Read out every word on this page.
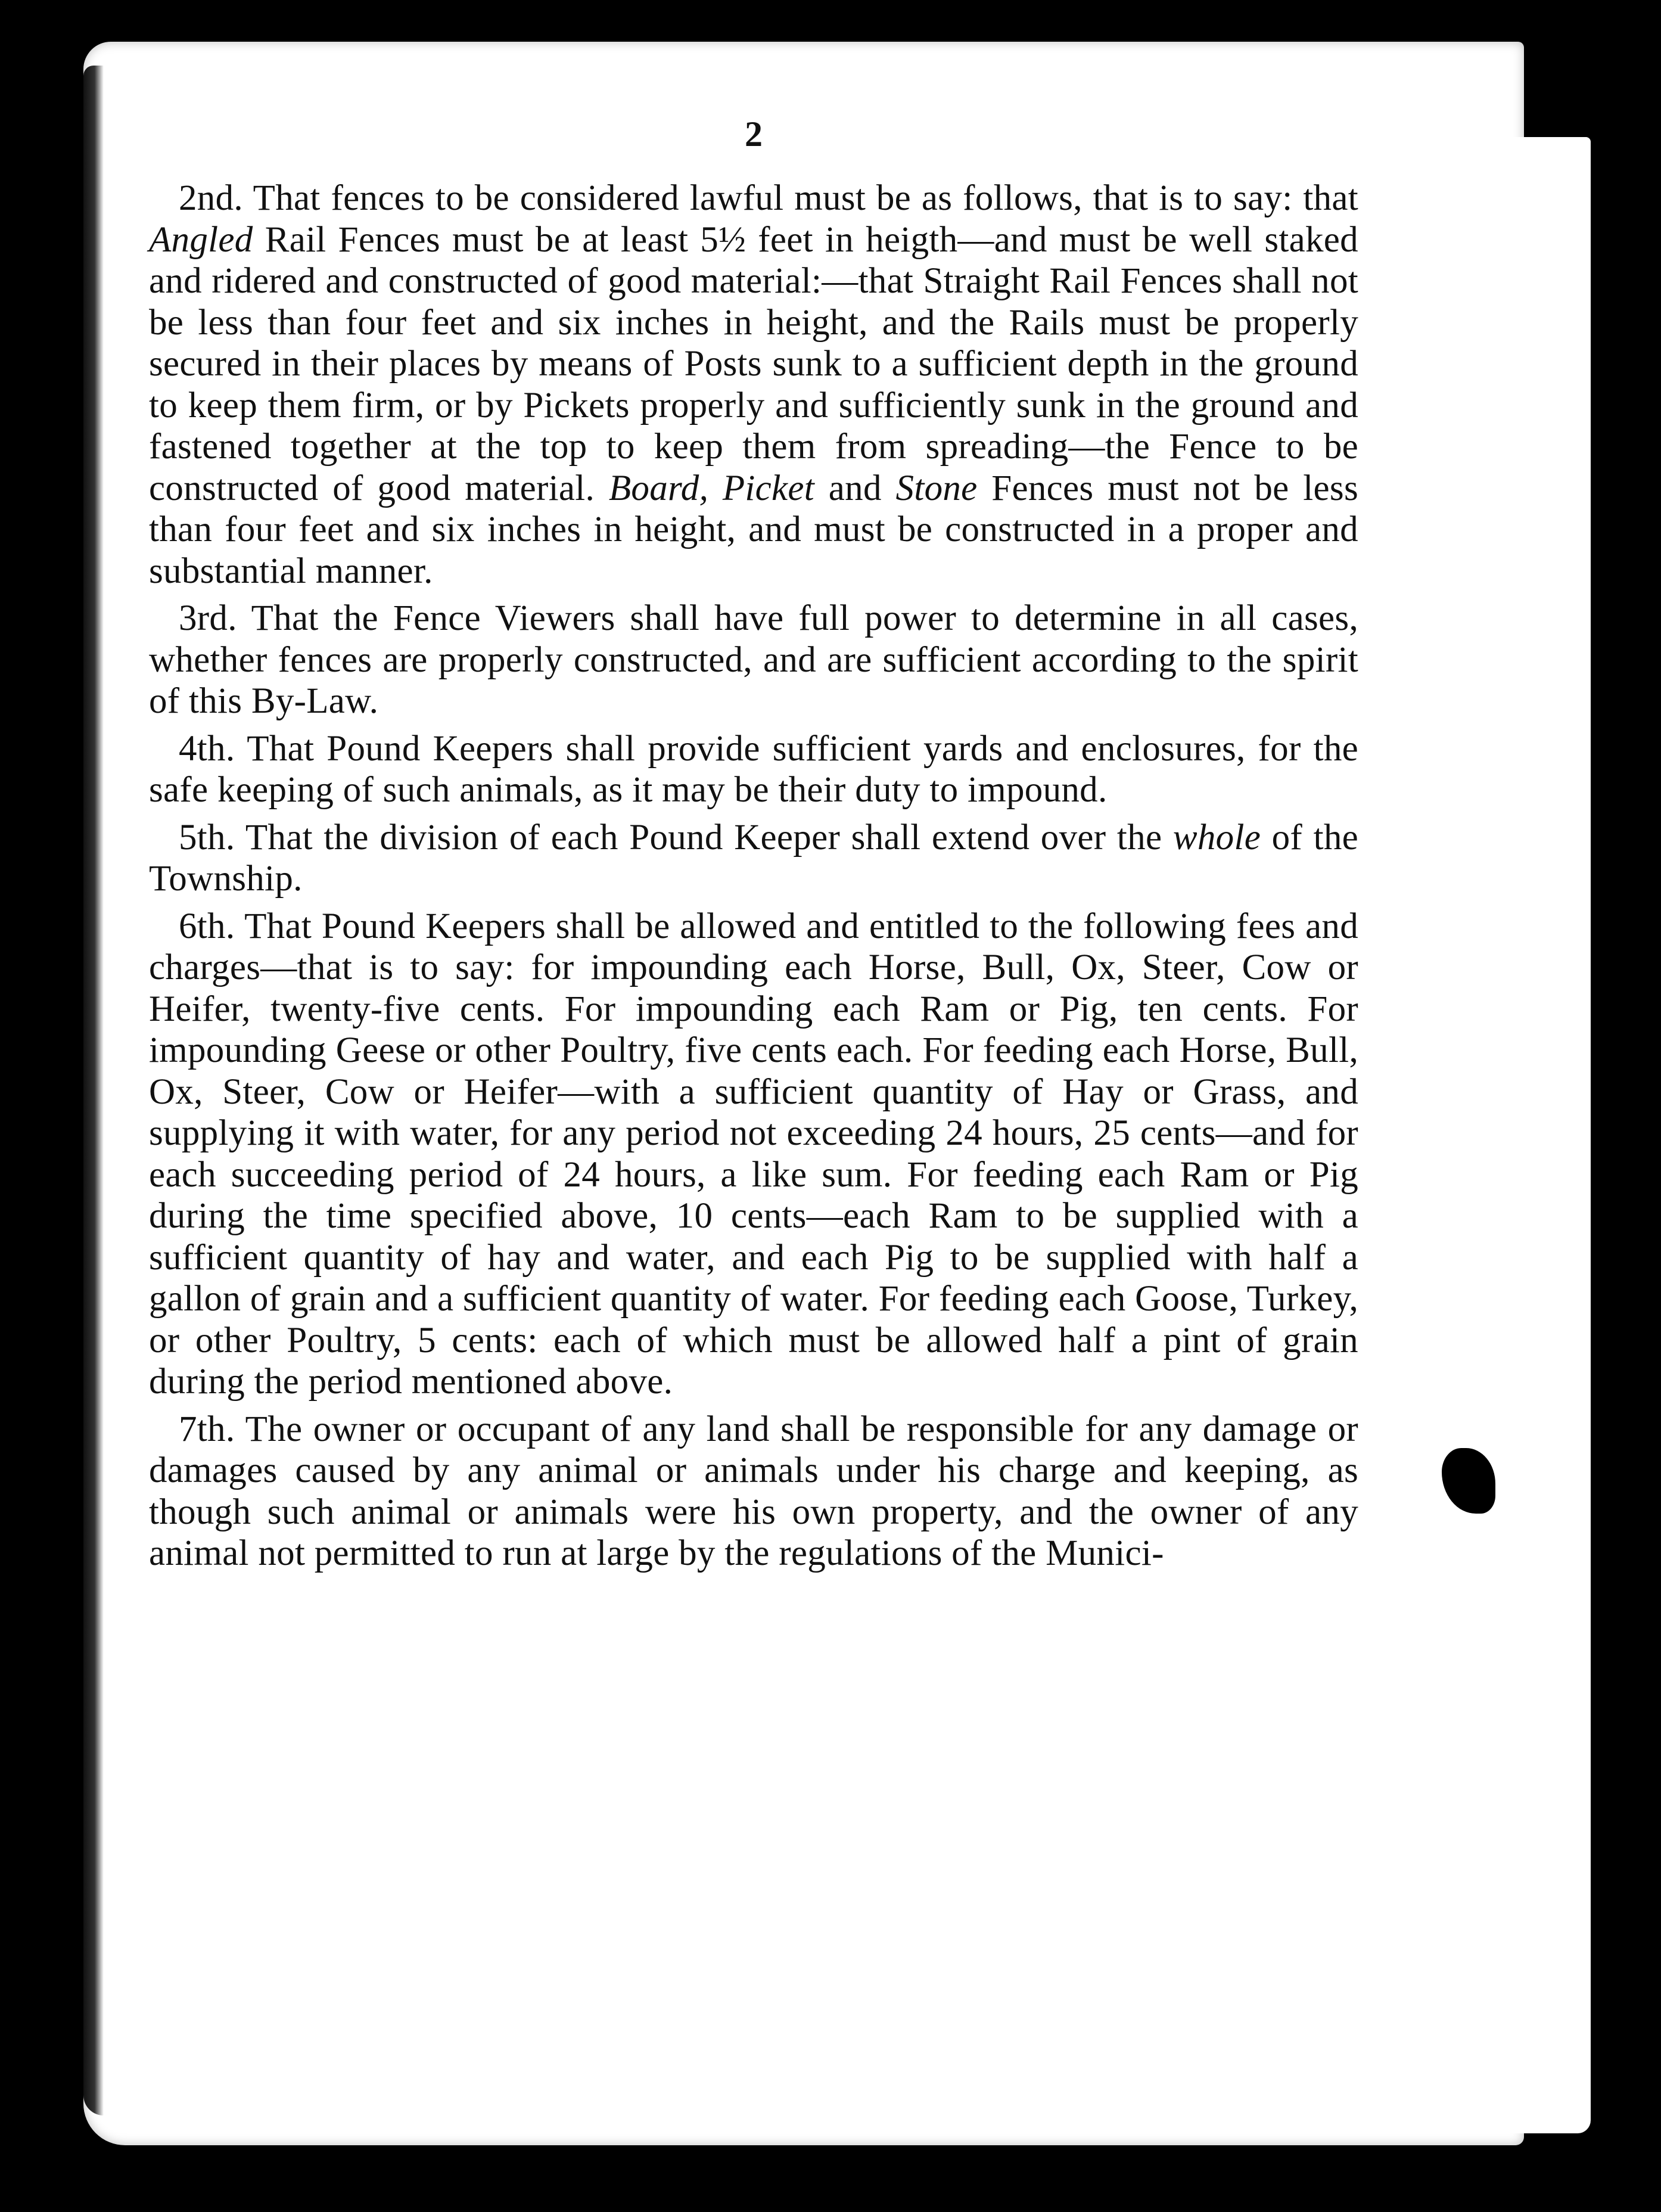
2

2nd. That fences to be considered lawful must be as follows, that is to say: that Angled Rail Fences must be at least 5½ feet in heigth—and must be well staked and ridered and constructed of good material:—that Straight Rail Fences shall not be less than four feet and six inches in height, and the Rails must be properly secured in their places by means of Posts sunk to a sufficient depth in the ground to keep them firm, or by Pickets properly and sufficiently sunk in the ground and fastened together at the top to keep them from spreading—the Fence to be constructed of good material. Board, Picket and Stone Fences must not be less than four feet and six inches in height, and must be constructed in a proper and substantial manner.

3rd. That the Fence Viewers shall have full power to determine in all cases, whether fences are properly constructed, and are sufficient according to the spirit of this By-Law.

4th. That Pound Keepers shall provide sufficient yards and enclosures, for the safe keeping of such animals, as it may be their duty to impound.

5th. That the division of each Pound Keeper shall extend over the whole of the Township.

6th. That Pound Keepers shall be allowed and entitled to the following fees and charges—that is to say: for impounding each Horse, Bull, Ox, Steer, Cow or Heifer, twenty-five cents. For impounding each Ram or Pig, ten cents. For impounding Geese or other Poultry, five cents each. For feeding each Horse, Bull, Ox, Steer, Cow or Heifer—with a sufficient quantity of Hay or Grass, and supplying it with water, for any period not exceeding 24 hours, 25 cents—and for each succeeding period of 24 hours, a like sum. For feeding each Ram or Pig during the time specified above, 10 cents—each Ram to be supplied with a sufficient quantity of hay and water, and each Pig to be supplied with half a gallon of grain and a sufficient quantity of water. For feeding each Goose, Turkey, or other Poultry, 5 cents: each of which must be allowed half a pint of grain during the period mentioned above.

7th. The owner or occupant of any land shall be responsible for any damage or damages caused by any animal or animals under his charge and keeping, as though such animal or animals were his own property, and the owner of any animal not permitted to run at large by the regulations of the Munici-
